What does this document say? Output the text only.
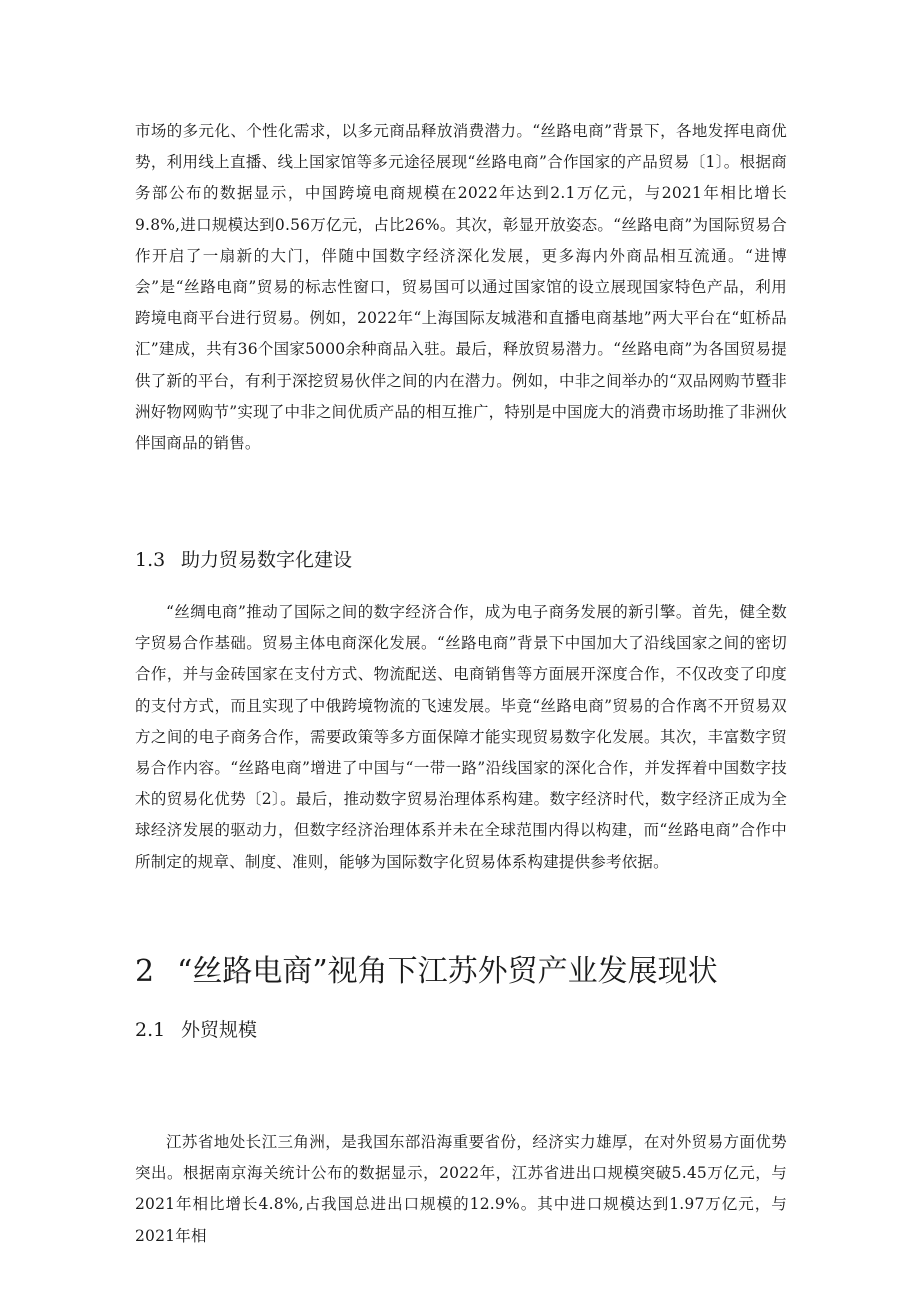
市场的多元化、个性化需求，以多元商品释放消费潜力。“丝路电商”背景下，各地发挥电商优势，利用线上直播、线上国家馆等多元途径展现“丝路电商”合作国家的产品贸易〔1〕。根据商务部公布的数据显示，中国跨境电商规模在2022年达到2.1万亿元，与2021年相比增长9.8%,进口规模达到0.56万亿元，占比26%。其次，彰显开放姿态。“丝路电商”为国际贸易合作开启了一扇新的大门，伴随中国数字经济深化发展，更多海内外商品相互流通。“进博会”是“丝路电商”贸易的标志性窗口，贸易国可以通过国家馆的设立展现国家特色产品，利用跨境电商平台进行贸易。例如，2022年“上海国际友城港和直播电商基地”两大平台在“虹桥品汇”建成，共有36个国家5000余种商品入驻。最后，释放贸易潜力。“丝路电商”为各国贸易提供了新的平台，有利于深挖贸易伙伴之间的内在潜力。例如，中非之间举办的“双品网购节暨非洲好物网购节”实现了中非之间优质产品的相互推广，特别是中国庞大的消费市场助推了非洲伙伴国商品的销售。

1.3 助力贸易数字化建设

“丝绸电商”推动了国际之间的数字经济合作，成为电子商务发展的新引擎。首先，健全数字贸易合作基础。贸易主体电商深化发展。“丝路电商”背景下中国加大了沿线国家之间的密切合作，并与金砖国家在支付方式、物流配送、电商销售等方面展开深度合作，不仅改变了印度的支付方式，而且实现了中俄跨境物流的飞速发展。毕竟“丝路电商”贸易的合作离不开贸易双方之间的电子商务合作，需要政策等多方面保障才能实现贸易数字化发展。其次，丰富数字贸易合作内容。“丝路电商”增进了中国与“一带一路”沿线国家的深化合作，并发挥着中国数字技术的贸易化优势〔2〕。最后，推动数字贸易治理体系构建。数字经济时代，数字经济正成为全球经济发展的驱动力，但数字经济治理体系并未在全球范围内得以构建，而“丝路电商”合作中所制定的规章、制度、准则，能够为国际数字化贸易体系构建提供参考依据。

2 “丝路电商”视角下江苏外贸产业发展现状
2.1 外贸规模

江苏省地处长江三角洲，是我国东部沿海重要省份，经济实力雄厚，在对外贸易方面优势突出。根据南京海关统计公布的数据显示，2022年，江苏省进出口规模突破5.45万亿元，与2021年相比增长4.8%,占我国总进出口规模的12.9%。其中进口规模达到1.97万亿元，与2021年相
